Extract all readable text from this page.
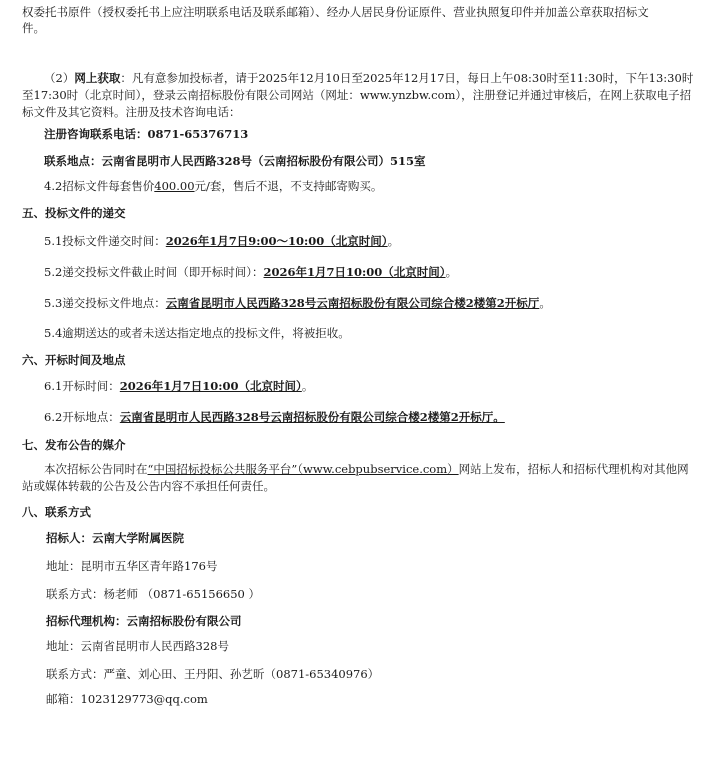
权委托书原件（授权委托书上应注明联系电话及联系邮箱）、经办人居民身份证原件、营业执照复印件并加盖公章获取招标文
件。
（2）网上获取：凡有意参加投标者，请于2025年12月10日至2025年12月17日，每日上午08:30时至11:30时，下午13:30时至17:30时（北京时间），登录云南招标股份有限公司网站（网址：www.ynzbw.com），注册登记并通过审核后，在网上获取电子招标文件及其它资料。注册及技术咨询电话：
注册咨询联系电话：0871-65376713
联系地点：云南省昆明市人民西路328号（云南招标股份有限公司）515室
4.2招标文件每套售价400.00元/套，售后不退，不支持邮寄购买。
五、投标文件的递交
5.1投标文件递交时间：2026年1月7日9:00～10:00（北京时间）。
5.2递交投标文件截止时间（即开标时间）：2026年1月7日10:00（北京时间）。
5.3递交投标文件地点：云南省昆明市人民西路328号云南招标股份有限公司综合楼2楼第2开标厅。
5.4逾期送达的或者未送达指定地点的投标文件，将被拒收。
六、开标时间及地点
6.1开标时间：2026年1月7日10:00（北京时间）。
6.2开标地点：云南省昆明市人民西路328号云南招标股份有限公司综合楼2楼第2开标厅。
七、发布公告的媒介
本次招标公告同时在“中国招标投标公共服务平台”（www.cebpubservice.com）网站上发布，招标人和招标代理机构对其他网站或媒体转载的公告及公告内容不承担任何责任。
八、联系方式
招标人：云南大学附属医院
地址：昆明市五华区青年路176号
联系方式：杨老师 （0871-65156650 ）
招标代理机构：云南招标股份有限公司
地址：云南省昆明市人民西路328号
联系方式：严童、刘心田、王丹阳、孙艺昕（0871-65340976）
邮箱：1023129773@qq.com
